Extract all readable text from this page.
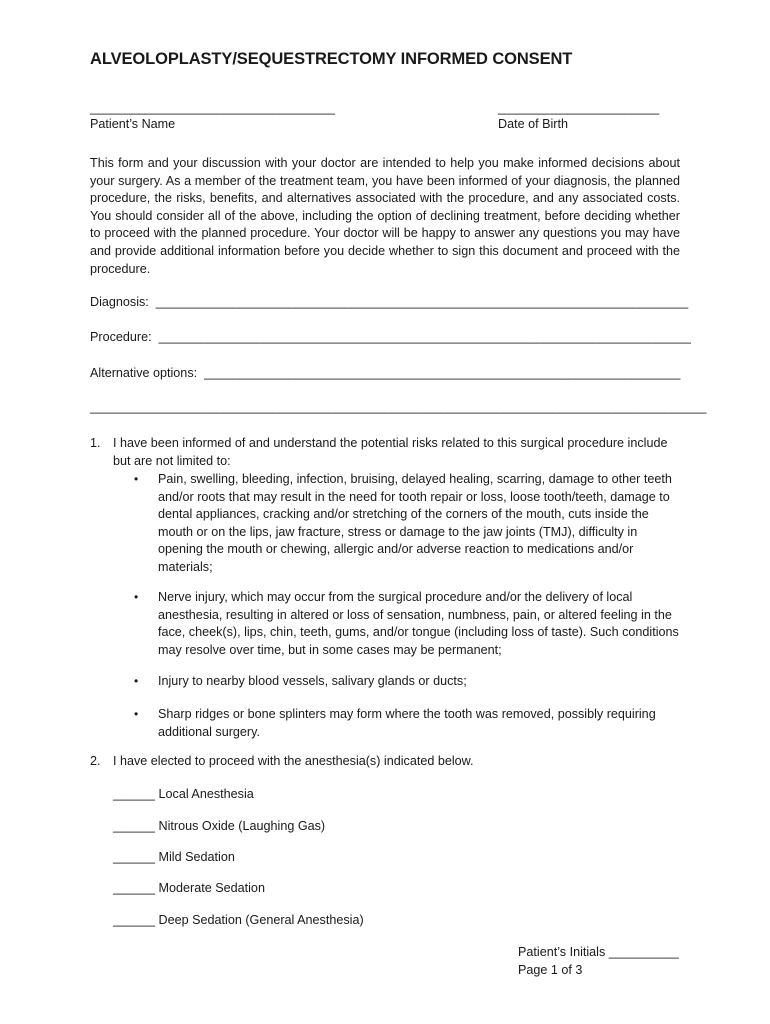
ALVEOLOPLASTY/SEQUESTRECTOMY INFORMED CONSENT
___________________________________	_______________________
Patient’s Name	Date of Birth
This form and your discussion with your doctor are intended to help you make informed decisions about your surgery. As a member of the treatment team, you have been informed of your diagnosis, the planned procedure, the risks, benefits, and alternatives associated with the procedure, and any associated costs. You should consider all of the above, including the option of declining treatment, before deciding whether to proceed with the planned procedure. Your doctor will be happy to answer any questions you may have and provide additional information before you decide whether to sign this document and proceed with the procedure.
Diagnosis:  ____________________________________________________________________________
Procedure:  ____________________________________________________________________________
Alternative options:  ____________________________________________________________________
________________________________________________________________________________________
1. I have been informed of and understand the potential risks related to this surgical procedure include but are not limited to:
• Pain, swelling, bleeding, infection, bruising, delayed healing, scarring, damage to other teeth and/or roots that may result in the need for tooth repair or loss, loose tooth/teeth, damage to dental appliances, cracking and/or stretching of the corners of the mouth, cuts inside the mouth or on the lips, jaw fracture, stress or damage to the jaw joints (TMJ), difficulty in opening the mouth or chewing, allergic and/or adverse reaction to medications and/or materials;
• Nerve injury, which may occur from the surgical procedure and/or the delivery of local anesthesia, resulting in altered or loss of sensation, numbness, pain, or altered feeling in the face, cheek(s), lips, chin, teeth, gums, and/or tongue (including loss of taste). Such conditions may resolve over time, but in some cases may be permanent;
• Injury to nearby blood vessels, salivary glands or ducts;
• Sharp ridges or bone splinters may form where the tooth was removed, possibly requiring additional surgery.
2. I have elected to proceed with the anesthesia(s) indicated below.
______ Local Anesthesia
______ Nitrous Oxide (Laughing Gas)
______ Mild Sedation
______ Moderate Sedation
______ Deep Sedation (General Anesthesia)
Patient’s Initials __________
Page 1 of 3
